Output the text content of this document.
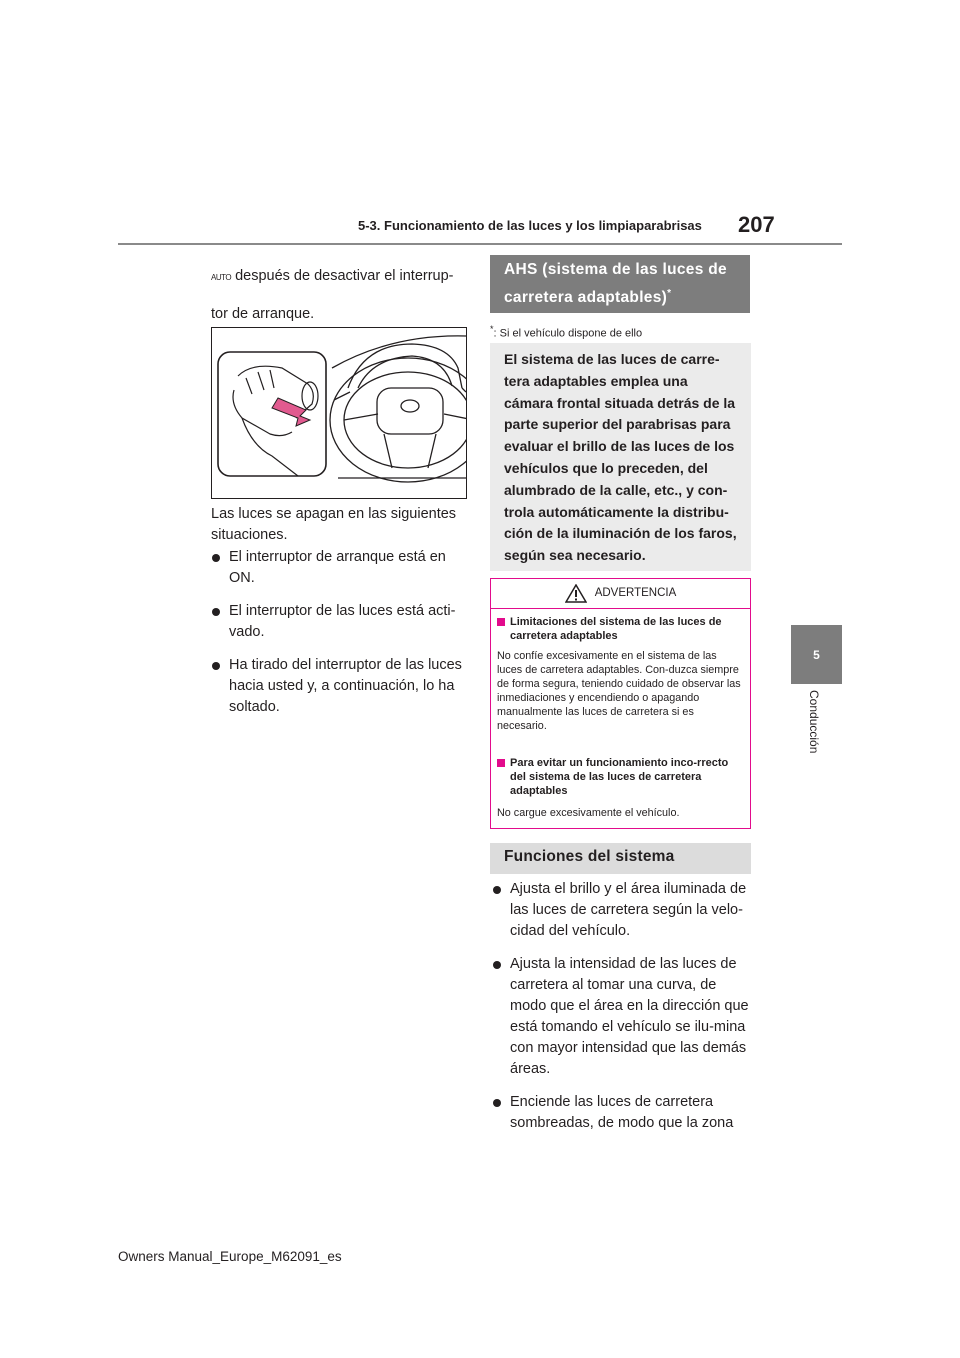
5-3. Funcionamiento de las luces y los limpiaparabrisas 207
5
Conducción
AUTO después de desactivar el interrup-
tor de arranque.
Las luces se apagan en las siguientes situaciones.
El interruptor de arranque está en ON.
El interruptor de las luces está acti-vado.
Ha tirado del interruptor de las luces hacia usted y, a continuación, lo ha soltado.
AHS (sistema de las luces de carretera adaptables)*
*: Si el vehículo dispone de ello
El sistema de las luces de carre-tera adaptables emplea una cámara frontal situada detrás de la parte superior del parabrisas para evaluar el brillo de las luces de los vehículos que lo preceden, del alumbrado de la calle, etc., y con-trola automáticamente la distribu-ción de la iluminación de los faros, según sea necesario.
ADVERTENCIA
Limitaciones del sistema de las luces de carretera adaptables
No confíe excesivamente en el sistema de las luces de carretera adaptables. Con-duzca siempre de forma segura, teniendo cuidado de observar las inmediaciones y encendiendo o apagando manualmente las luces de carretera si es necesario.
Para evitar un funcionamiento inco-rrecto del sistema de las luces de carretera adaptables
No cargue excesivamente el vehículo.
Funciones del sistema
Ajusta el brillo y el área iluminada de las luces de carretera según la velo-cidad del vehículo.
Ajusta la intensidad de las luces de carretera al tomar una curva, de modo que el área en la dirección que está tomando el vehículo se ilu-mina con mayor intensidad que las demás áreas.
Enciende las luces de carretera sombreadas, de modo que la zona
Owners Manual_Europe_M62091_es
